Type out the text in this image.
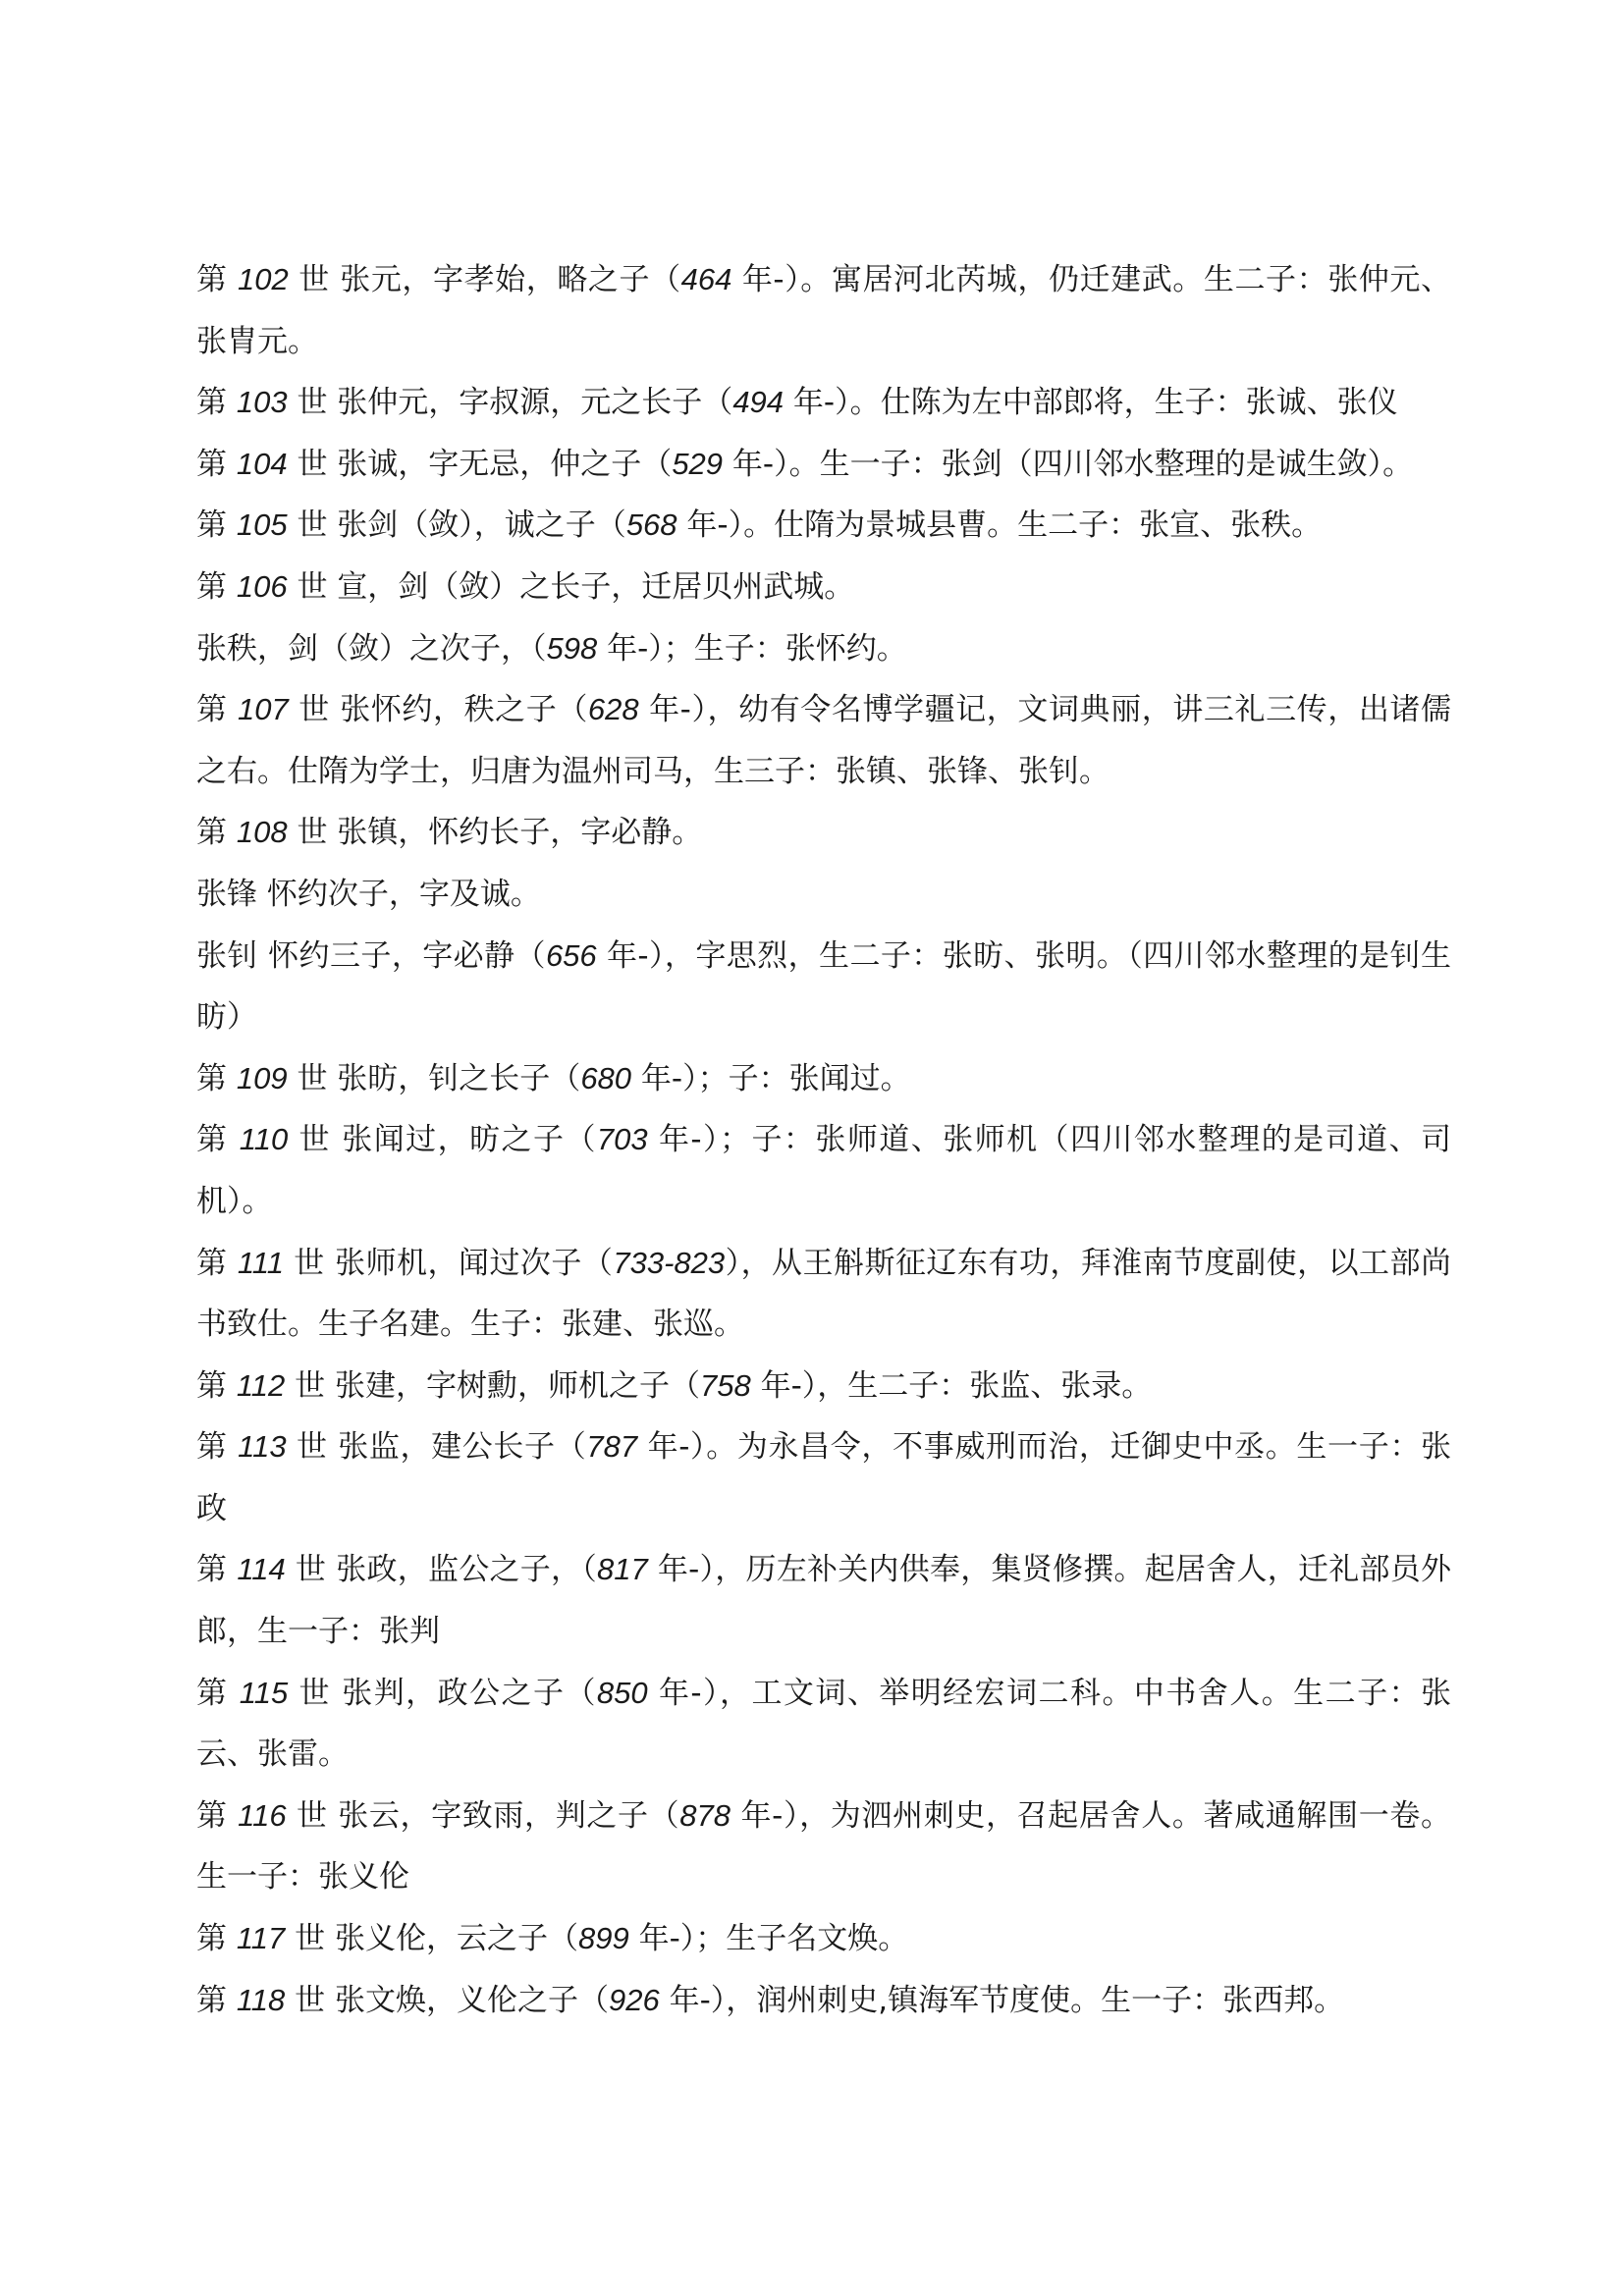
第 102 世 张元，字孝始，略之子（464 年-）。寓居河北芮城，仍迁建武。生二子：张仲元、张胄元。

第 103 世 张仲元，字叔源，元之长子（494 年-）。仕陈为左中部郎将，生子：张诚、张仪

第 104 世 张诚，字无忌，仲之子（529 年-）。生一子：张剑（四川邻水整理的是诚生敛）。

第 105 世 张剑（敛），诚之子（568 年-）。仕隋为景城县曹。生二子：张宣、张秩。

第 106 世 宣，剑（敛）之长子，迁居贝州武城。

张秩，剑（敛）之次子，（598 年-）；生子：张怀约。

第 107 世 张怀约，秩之子（628 年-），幼有令名博学疆记，文词典丽，讲三礼三传，出诸儒之右。仕隋为学士，归唐为温州司马，生三子：张镇、张锋、张钊。

第 108 世 张镇，怀约长子，字必静。

张锋 怀约次子，字及诚。

张钊 怀约三子，字必静（656 年-），字思烈，生二子：张昉、张明。（四川邻水整理的是钊生昉）

第 109 世 张昉，钊之长子（680 年-）；子：张闻过。

第 110 世 张闻过，昉之子（703 年-）；子：张师道、张师机（四川邻水整理的是司道、司机）。

第 111 世 张师机，闻过次子（733-823），从王斛斯征辽东有功，拜淮南节度副使，以工部尚书致仕。生子名建。生子：张建、张巡。

第 112 世 张建，字树勳，师机之子（758 年-），生二子：张监、张录。

第 113 世 张监，建公长子（787 年-）。为永昌令，不事威刑而治，迁御史中丞。生一子：张政

第 114 世 张政，监公之子，（817 年-），历左补关内供奉，集贤修撰。起居舍人，迁礼部员外郎，生一子：张判

第 115 世 张判，政公之子（850 年-），工文词、举明经宏词二科。中书舍人。生二子：张云、张雷。

第 116 世 张云，字致雨，判之子（878 年-），为泗州刺史，召起居舍人。著咸通解围一卷。生一子：张义伦

第 117 世 张义伦，云之子（899 年-）；生子名文焕。

第 118 世 张文焕，义伦之子（926 年-），润州刺史,镇海军节度使。生一子：张西邦。
